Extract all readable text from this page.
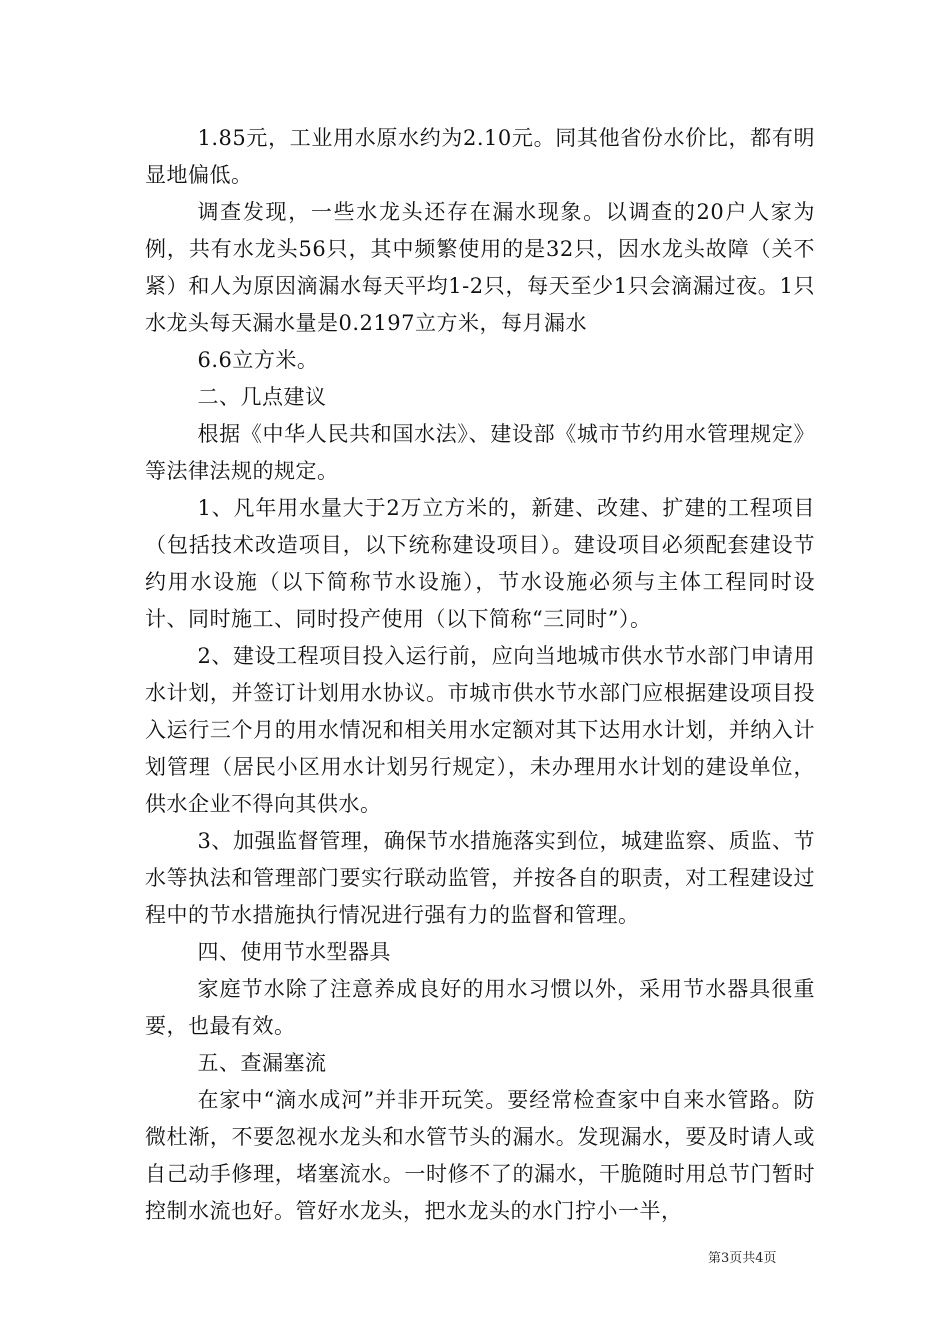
1.85元，工业用水原水约为2.10元。同其他省份水价比，都有明显地偏低。

调查发现，一些水龙头还存在漏水现象。以调查的20户人家为例，共有水龙头56只，其中频繁使用的是32只，因水龙头故障（关不紧）和人为原因滴漏水每天平均1-2只，每天至少1只会滴漏过夜。1只水龙头每天漏水量是0.2197立方米，每月漏水

6.6立方米。

二、几点建议

根据《中华人民共和国水法》、建设部《城市节约用水管理规定》等法律法规的规定。

1、凡年用水量大于2万立方米的，新建、改建、扩建的工程项目（包括技术改造项目，以下统称建设项目）。建设项目必须配套建设节约用水设施（以下简称节水设施），节水设施必须与主体工程同时设计、同时施工、同时投产使用（以下简称“三同时”）。

2、建设工程项目投入运行前，应向当地城市供水节水部门申请用水计划，并签订计划用水协议。市城市供水节水部门应根据建设项目投入运行三个月的用水情况和相关用水定额对其下达用水计划，并纳入计划管理（居民小区用水计划另行规定），未办理用水计划的建设单位，供水企业不得向其供水。

3、加强监督管理，确保节水措施落实到位，城建监察、质监、节水等执法和管理部门要实行联动监管，并按各自的职责，对工程建设过程中的节水措施执行情况进行强有力的监督和管理。

四、使用节水型器具

家庭节水除了注意养成良好的用水习惯以外，采用节水器具很重要，也最有效。

五、查漏塞流

在家中“滴水成河”并非开玩笑。要经常检查家中自来水管路。防微杜渐，不要忽视水龙头和水管节头的漏水。发现漏水，要及时请人或自己动手修理，堵塞流水。一时修不了的漏水，干脆随时用总节门暂时控制水流也好。管好水龙头，把水龙头的水门拧小一半，

第3页共4页
